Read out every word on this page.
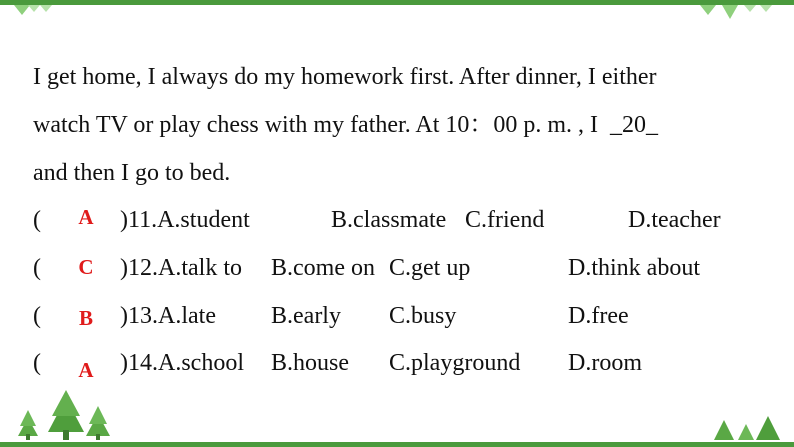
I get home, I always do my homework first. After dinner, I either
watch TV or play chess with my father. At 10：00 p. m. , I  _20_
and then I go to bed.
(	A	)11.A.student	B.classmate C.friend	D.teacher
(	C	)12.A.talk to B.come on C.get up	D.think about
(	B	)13.A.late B.early C.busy	D.free
(	A	)14.A.school B.house C.playground D.room
